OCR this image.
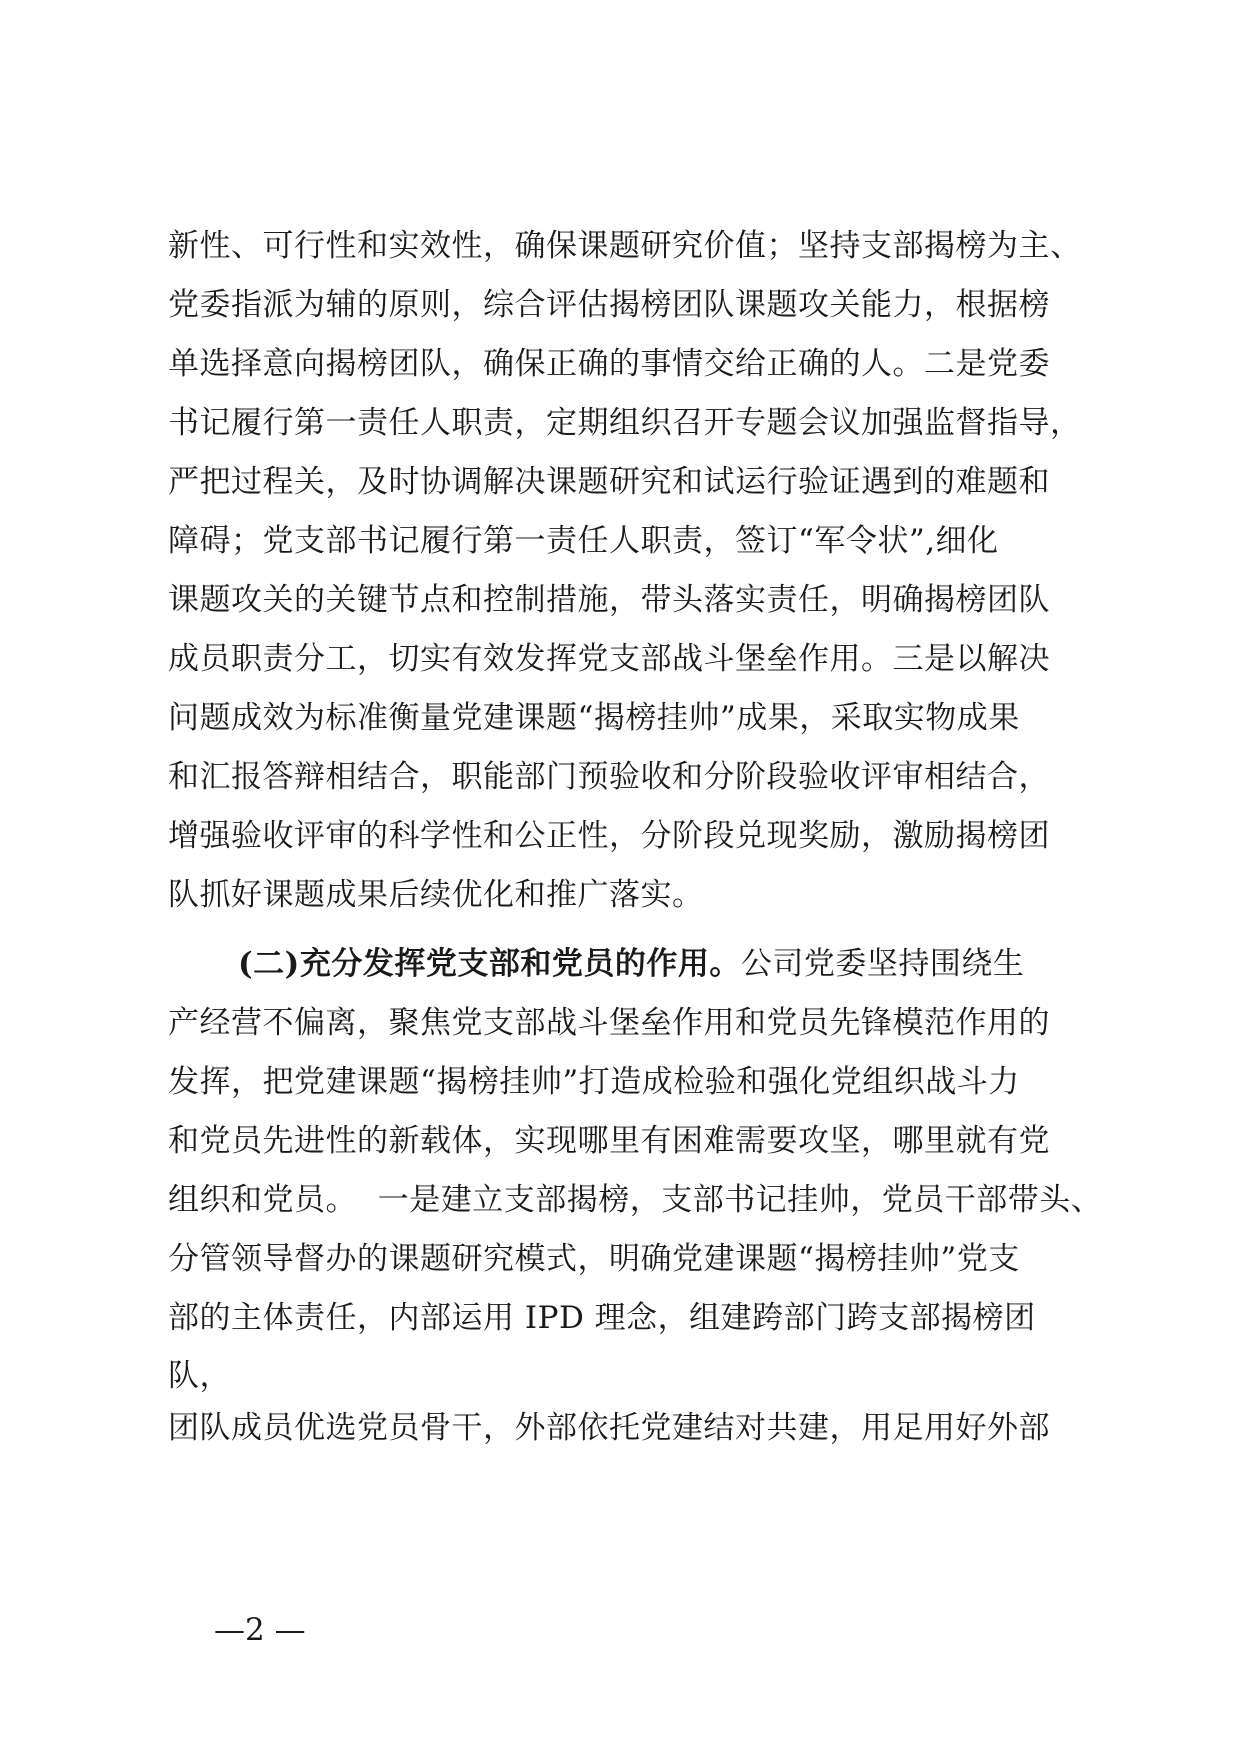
新性、可行性和实效性，确保课题研究价值；坚持支部揭榜为主、
党委指派为辅的原则，综合评估揭榜团队课题攻关能力，根据榜
单选择意向揭榜团队，确保正确的事情交给正确的人。二是党委
书记履行第一责任人职责，定期组织召开专题会议加强监督指导，
严把过程关，及时协调解决课题研究和试运行验证遇到的难题和
障碍；党支部书记履行第一责任人职责，签订“军令状”,细化
课题攻关的关键节点和控制措施，带头落实责任，明确揭榜团队
成员职责分工，切实有效发挥党支部战斗堡垒作用。三是以解决
问题成效为标准衡量党建课题“揭榜挂帅”成果，采取实物成果
和汇报答辩相结合，职能部门预验收和分阶段验收评审相结合，
增强验收评审的科学性和公正性，分阶段兑现奖励，激励揭榜团
队抓好课题成果后续优化和推广落实。
(二)充分发挥党支部和党员的作用。公司党委坚持围绕生
产经营不偏离，聚焦党支部战斗堡垒作用和党员先锋模范作用的
发挥，把党建课题“揭榜挂帅”打造成检验和强化党组织战斗力
和党员先进性的新载体，实现哪里有困难需要攻坚，哪里就有党
组织和党员。  一是建立支部揭榜，支部书记挂帅，党员干部带头、
分管领导督办的课题研究模式，明确党建课题“揭榜挂帅”党支
部的主体责任，内部运用 IPD 理念，组建跨部门跨支部揭榜团
队，
团队成员优选党员骨干，外部依托党建结对共建，用足用好外部
—2 —
